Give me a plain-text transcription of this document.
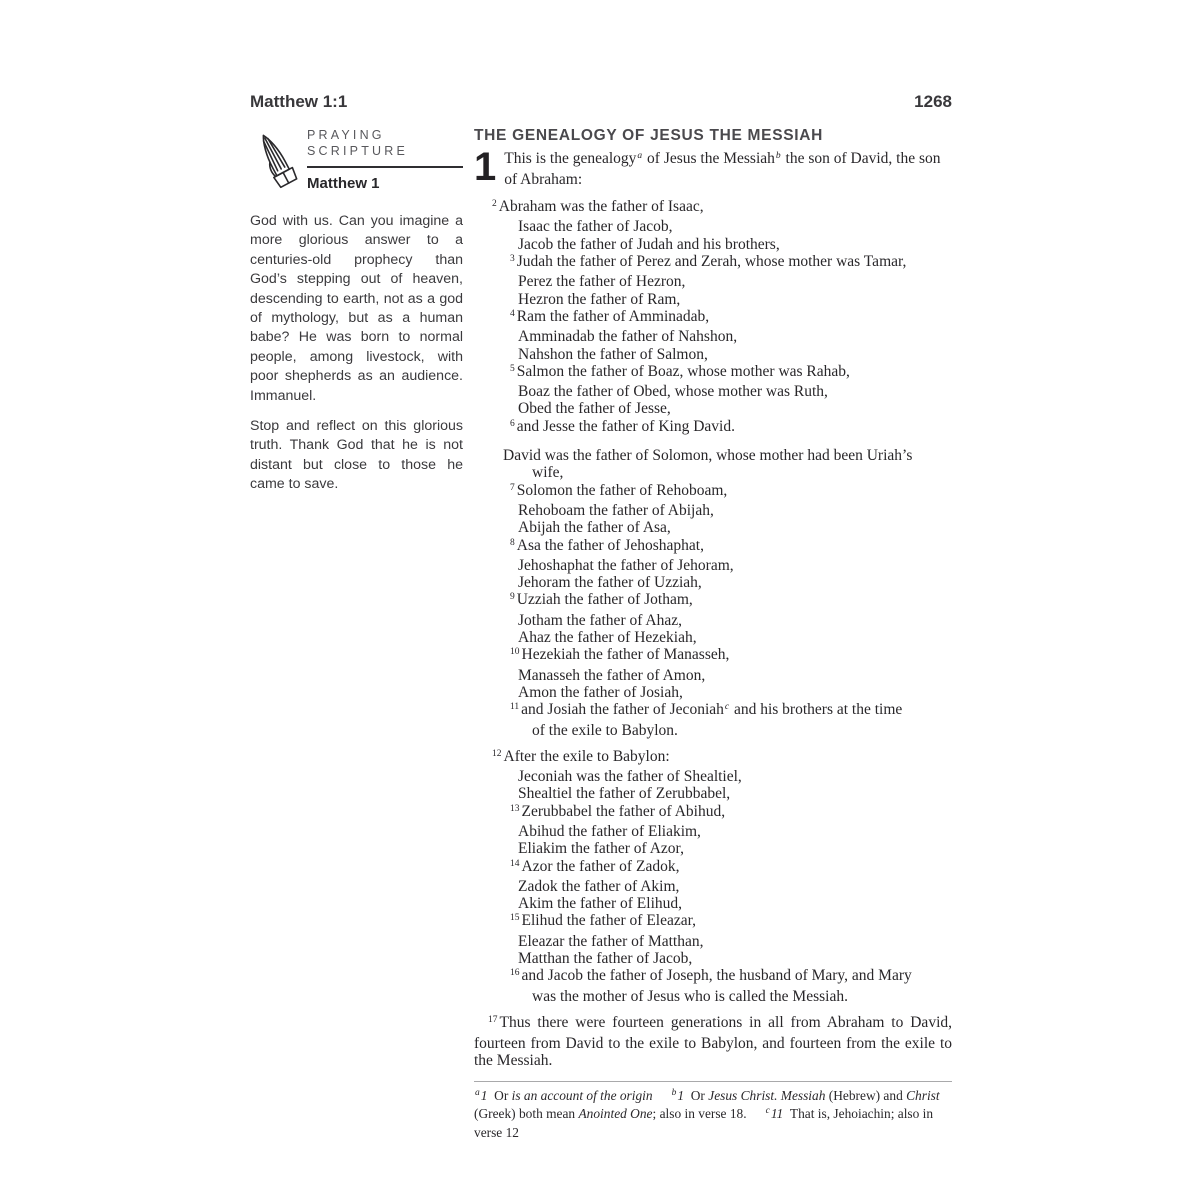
Matthew 1:1	1268
PRAYING
SCRIPTURE
Matthew 1

God with us. Can you imagine a more glorious answer to a centuries-old prophecy than God’s stepping out of heaven, descending to earth, not as a god of mythology, but as a human babe? He was born to normal people, among livestock, with poor shepherds as an audience. Immanuel.

Stop and reflect on this glorious truth. Thank God that he is not distant but close to those he came to save.

THE GENEALOGY OF JESUS THE MESSIAH
1 This is the genealogy$^a$ of Jesus the Messiah$^b$ the son of David, the son of Abraham:
$^2$ Abraham was the father of Isaac,
Isaac the father of Jacob,
Jacob the father of Judah and his brothers,
$^3$ Judah the father of Perez and Zerah, whose mother was Tamar,
Perez the father of Hezron,
Hezron the father of Ram,
$^4$ Ram the father of Amminadab,
Amminadab the father of Nahshon,
Nahshon the father of Salmon,
$^5$ Salmon the father of Boaz, whose mother was Rahab,
Boaz the father of Obed, whose mother was Ruth,
Obed the father of Jesse,
$^6$ and Jesse the father of King David.
David was the father of Solomon, whose mother had been Uriah’s
wife,
$^7$ Solomon the father of Rehoboam,
Rehoboam the father of Abijah,
Abijah the father of Asa,
$^8$ Asa the father of Jehoshaphat,
Jehoshaphat the father of Jehoram,
Jehoram the father of Uzziah,
$^9$ Uzziah the father of Jotham,
Jotham the father of Ahaz,
Ahaz the father of Hezekiah,
$^{10}$ Hezekiah the father of Manasseh,
Manasseh the father of Amon,
Amon the father of Josiah,
$^{11}$ and Josiah the father of Jeconiah$^c$ and his brothers at the time
of the exile to Babylon.
$^{12}$ After the exile to Babylon:
Jeconiah was the father of Shealtiel,
Shealtiel the father of Zerubbabel,
$^{13}$ Zerubbabel the father of Abihud,
Abihud the father of Eliakim,
Eliakim the father of Azor,
$^{14}$ Azor the father of Zadok,
Zadok the father of Akim,
Akim the father of Elihud,
$^{15}$ Elihud the father of Eleazar,
Eleazar the father of Matthan,
Matthan the father of Jacob,
$^{16}$ and Jacob the father of Joseph, the husband of Mary, and Mary
was the mother of Jesus who is called the Messiah.

$^{17}$ Thus there were fourteen generations in all from Abraham to David, fourteen from David to the exile to Babylon, and fourteen from the exile to the Messiah.

$^a$1 Or is an account of the origin $^b$1 Or Jesus Christ. Messiah (Hebrew) and Christ (Greek) both mean Anointed One; also in verse 18. $^c$11 That is, Jehoiachin; also in verse 12
